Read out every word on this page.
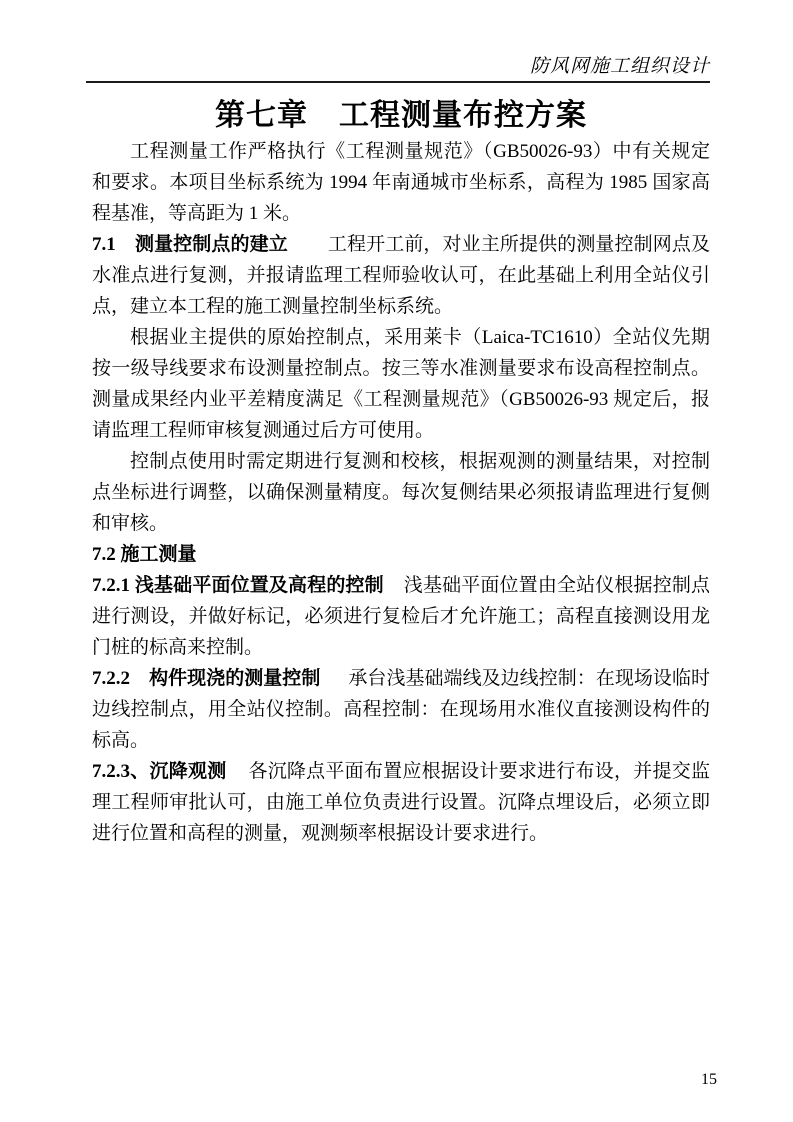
防风网施工组织设计
第七章　工程测量布控方案

工程测量工作严格执行《工程测量规范》（GB50026-93）中有关规定和要求。本项目坐标系统为 1994 年南通城市坐标系，高程为 1985 国家高程基准，等高距为 1 米。

7.1　测量控制点的建立 工程开工前，对业主所提供的测量控制网点及水准点进行复测，并报请监理工程师验收认可，在此基础上利用全站仪引点，建立本工程的施工测量控制坐标系统。

根据业主提供的原始控制点，采用莱卡（Laica-TC1610）全站仪先期按一级导线要求布设测量控制点。按三等水准测量要求布设高程控制点。测量成果经内业平差精度满足《工程测量规范》（GB50026-93 规定后，报请监理工程师审核复测通过后方可使用。

控制点使用时需定期进行复测和校核，根据观测的测量结果，对控制点坐标进行调整，以确保测量精度。每次复侧结果必须报请监理进行复侧和审核。

7.2 施工测量

7.2.1 浅基础平面位置及高程的控制 浅基础平面位置由全站仪根据控制点进行测设，并做好标记，必须进行复检后才允许施工；高程直接测设用龙门桩的标高来控制。

7.2.2　构件现浇的测量控制 承台浅基础端线及边线控制：在现场设临时边线控制点，用全站仪控制。高程控制：在现场用水准仪直接测设构件的标高。

7.2.3、沉降观测 各沉降点平面布置应根据设计要求进行布设，并提交监理工程师审批认可，由施工单位负责进行设置。沉降点埋设后，必须立即进行位置和高程的测量，观测频率根据设计要求进行。

15
